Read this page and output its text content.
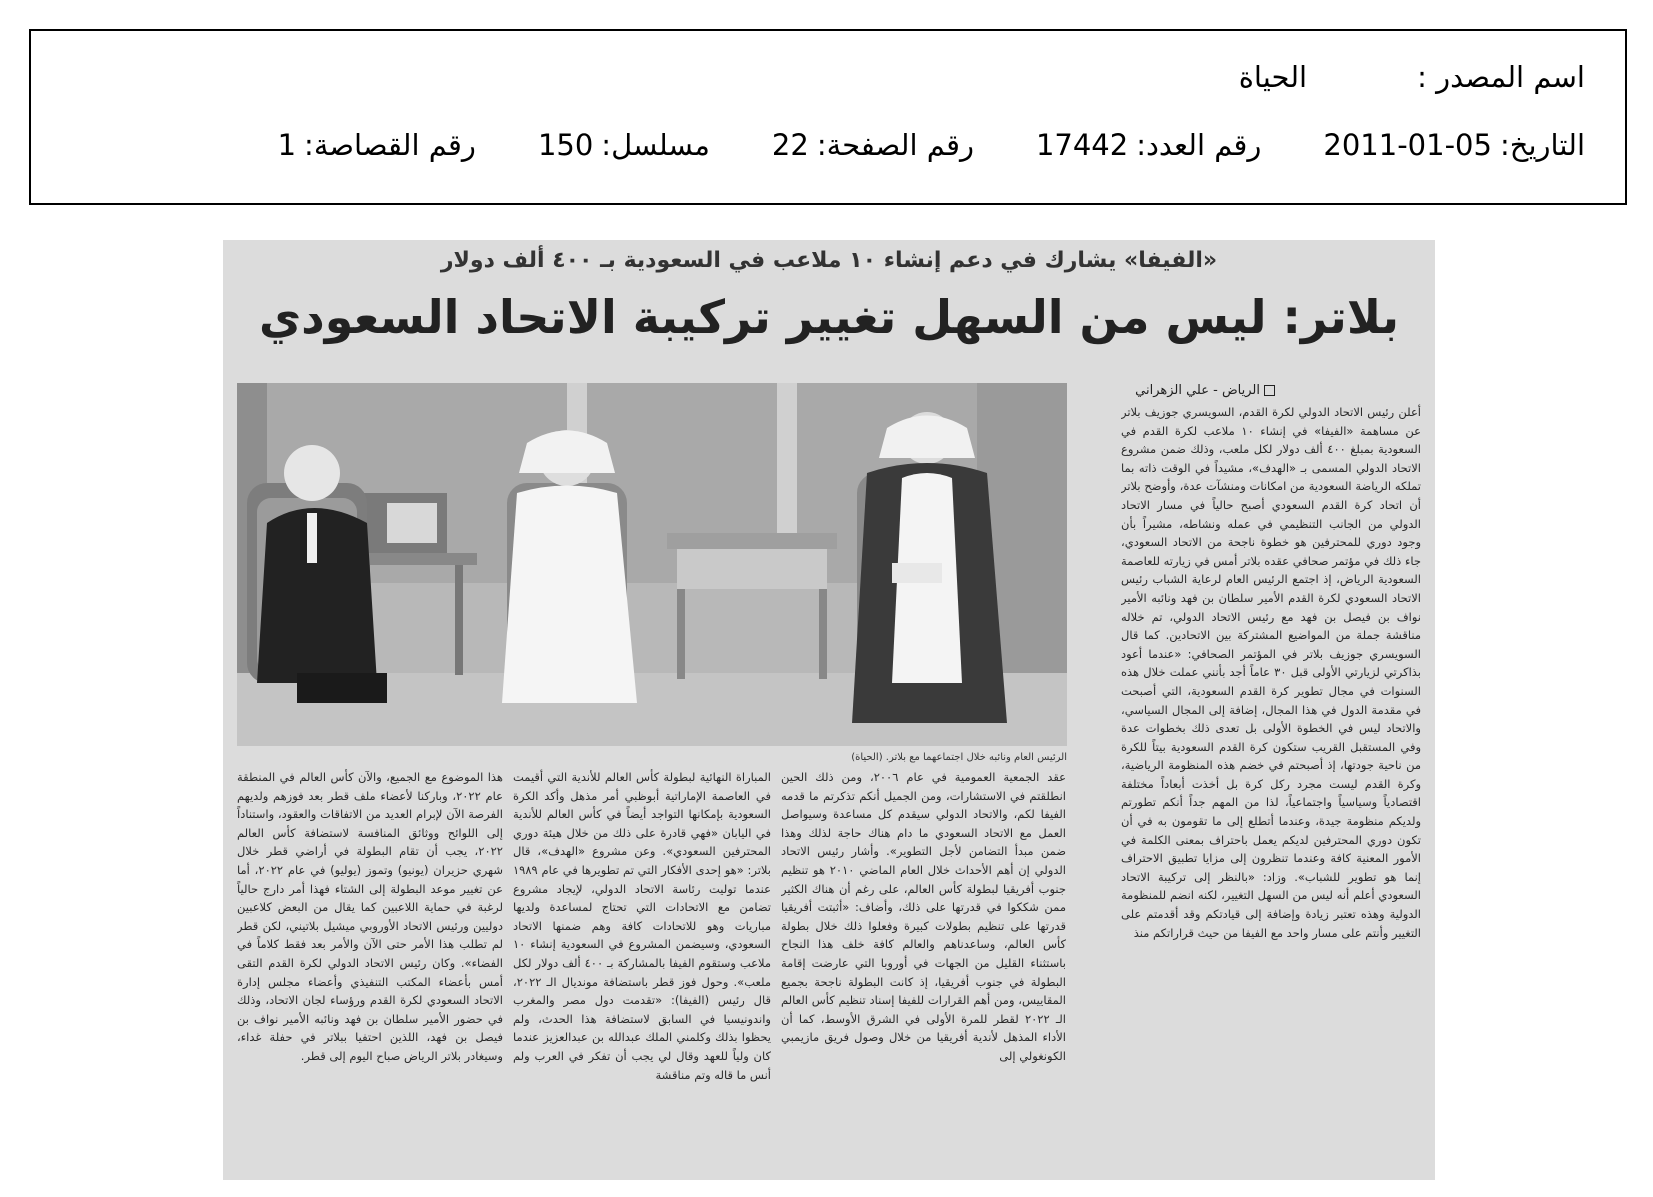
اسم المصدر :
الحياة
التاريخ:
2011-01-05
رقم العدد:
17442
رقم الصفحة:
22
مسلسل:
150
رقم القصاصة:
1
«الفيفا» يشارك في دعم إنشاء ١٠ ملاعب في السعودية بـ ٤٠٠ ألف دولار
بلاتر: ليس من السهل تغيير تركيبة الاتحاد السعودي
الرياض - علي الزهراني
الرئيس العام ونائبه خلال اجتماعهما مع بلاتر. (الحياة)

أعلن رئيس الاتحاد الدولي لكرة القدم، السويسري جوزيف بلاتر عن مساهمة «الفيفا» في إنشاء ١٠ ملاعب لكرة القدم في السعودية بمبلغ ٤٠٠ ألف دولار لكل ملعب، وذلك ضمن مشروع الاتحاد الدولي المسمى بـ «الهدف»، مشيداً في الوقت ذاته بما تملكه الرياضة السعودية من امكانات ومنشآت عدة، وأوضح بلاتر أن اتحاد كرة القدم السعودي أصبح حالياً في مسار الاتحاد الدولي من الجانب التنظيمي في عمله ونشاطه، مشيراً بأن وجود دوري للمحترفين هو خطوة ناجحة من الاتحاد السعودي، جاء ذلك في مؤتمر صحافي عقده بلاتر أمس في زيارته للعاصمة السعودية الرياض، إذ اجتمع الرئيس العام لرعاية الشباب رئيس الاتحاد السعودي لكرة القدم الأمير سلطان بن فهد ونائبه الأمير نواف بن فيصل بن فهد مع رئيس الاتحاد الدولي، تم خلاله مناقشة جملة من المواضيع المشتركة بين الاتحادين. كما قال السويسري جوزيف بلاتر في المؤتمر الصحافي: «عندما أعود بذاكرتي لزيارتي الأولى قبل ٣٠ عاماً أجد بأنني عملت خلال هذه السنوات في مجال تطوير كرة القدم السعودية، التي أصبحت في مقدمة الدول في هذا المجال، إضافة إلى المجال السياسي، والاتحاد ليس في الخطوة الأولى بل تعدى ذلك بخطوات عدة وفي المستقبل القريب ستكون كرة القدم السعودية بيتاً للكرة من ناحية جودتها، إذ أصبحتم في خضم هذه المنظومة الرياضية، وكرة القدم ليست مجرد ركل كرة بل أخذت أبعاداً مختلفة اقتصادياً وسياسياً واجتماعياً، لذا من المهم جداً أنكم تطورتم ولديكم منظومة جيدة، وعندما أتطلع إلى ما تقومون به في أن تكون دوري المحترفين لديكم يعمل باحتراف بمعنى الكلمة في الأمور المعنية كافة وعندما تنظرون إلى مزايا تطبيق الاحتراف إنما هو تطوير للشباب». وزاد: «بالنظر إلى تركيبة الاتحاد السعودي أعلم أنه ليس من السهل التغيير، لكنه انضم للمنظومة الدولية وهذه تعتبر زيادة وإضافة إلى قيادتكم وقد أقدمتم على التغيير وأنتم على مسار واحد مع الفيفا من حيث قراراتكم منذ

عقد الجمعية العمومية في عام ٢٠٠٦، ومن ذلك الحين انطلقتم في الاستشارات، ومن الجميل أنكم تذكرتم ما قدمه الفيفا لكم، والاتحاد الدولي سيقدم كل مساعدة وسيواصل العمل مع الاتحاد السعودي ما دام هناك حاجة لذلك وهذا ضمن مبدأ التضامن لأجل التطوير». وأشار رئيس الاتحاد الدولي إن أهم الأحداث خلال العام الماضي ٢٠١٠ هو تنظيم جنوب أفريقيا لبطولة كأس العالم، على رغم أن هناك الكثير ممن شككوا في قدرتها على ذلك، وأضاف: «أثبتت أفريقيا قدرتها على تنظيم بطولات كبيرة وفعلوا ذلك خلال بطولة كأس العالم، وساعدناهم والعالم كافة خلف هذا النجاح باستثناء القليل من الجهات في أوروبا التي عارضت إقامة البطولة في جنوب أفريقيا، إذ كانت البطولة ناجحة بجميع المقاييس، ومن أهم القرارات للفيفا إسناد تنظيم كأس العالم الـ ٢٠٢٢ لقطر للمرة الأولى في الشرق الأوسط، كما أن الأداء المذهل لأندية أفريقيا من خلال وصول فريق مازيمبي الكونغولي إلى

المباراة النهائية لبطولة كأس العالم للأندية التي أقيمت في العاصمة الإماراتية أبوظبي أمر مذهل وأكد الكرة السعودية بإمكانها التواجد أيضاً في كأس العالم للأندية في اليابان «فهي قادرة على ذلك من خلال هيئة دوري المحترفين السعودي». وعن مشروع «الهدف»، قال بلاتر: «هو إحدى الأفكار التي تم تطويرها في عام ١٩٨٩ عندما توليت رئاسة الاتحاد الدولي، لإيجاد مشروع تضامن مع الاتحادات التي تحتاج لمساعدة ولديها مباريات وهو للاتحادات كافة وهم ضمنها الاتحاد السعودي، وسيضمن المشروع في السعودية إنشاء ١٠ ملاعب وستقوم الفيفا بالمشاركة بـ ٤٠٠ ألف دولار لكل ملعب». وحول فوز قطر باستضافة مونديال الـ ٢٠٢٢، قال رئيس (الفيفا): «تقدمت دول مصر والمغرب واندونيسيا في السابق لاستضافة هذا الحدث، ولم يحظوا بذلك وكلمني الملك عبدالله بن عبدالعزيز عندما كان ولياً للعهد وقال لي يجب أن تفكر في العرب ولم أنس ما قاله وتم مناقشة

هذا الموضوع مع الجميع، والآن كأس العالم في المنطقة عام ٢٠٢٢، وباركنا لأعضاء ملف قطر بعد فوزهم ولديهم الفرصة الآن لإبرام العديد من الاتفاقات والعقود، واستناداً إلى اللوائح ووثائق المنافسة لاستضافة كأس العالم ٢٠٢٢، يجب أن تقام البطولة في أراضي قطر خلال شهري حزيران (يونيو) وتموز (يوليو) في عام ٢٠٢٢، أما عن تغيير موعد البطولة إلى الشتاء فهذا أمر دارج حالياً لرغبة في حماية اللاعبين كما يقال من البعض كلاعبين دوليين ورئيس الاتحاد الأوروبي ميشيل بلاتيني، لكن قطر لم تطلب هذا الأمر حتى الآن والأمر بعد فقط كلاماً في الفضاء». وكان رئيس الاتحاد الدولي لكرة القدم التقى أمس بأعضاء المكتب التنفيذي وأعضاء مجلس إدارة الاتحاد السعودي لكرة القدم ورؤساء لجان الاتحاد، وذلك في حضور الأمير سلطان بن فهد ونائبه الأمير نواف بن فيصل بن فهد، اللذين احتفيا ببلاتر في حفلة غداء، وسيغادر بلاتر الرياض صباح اليوم إلى قطر.
